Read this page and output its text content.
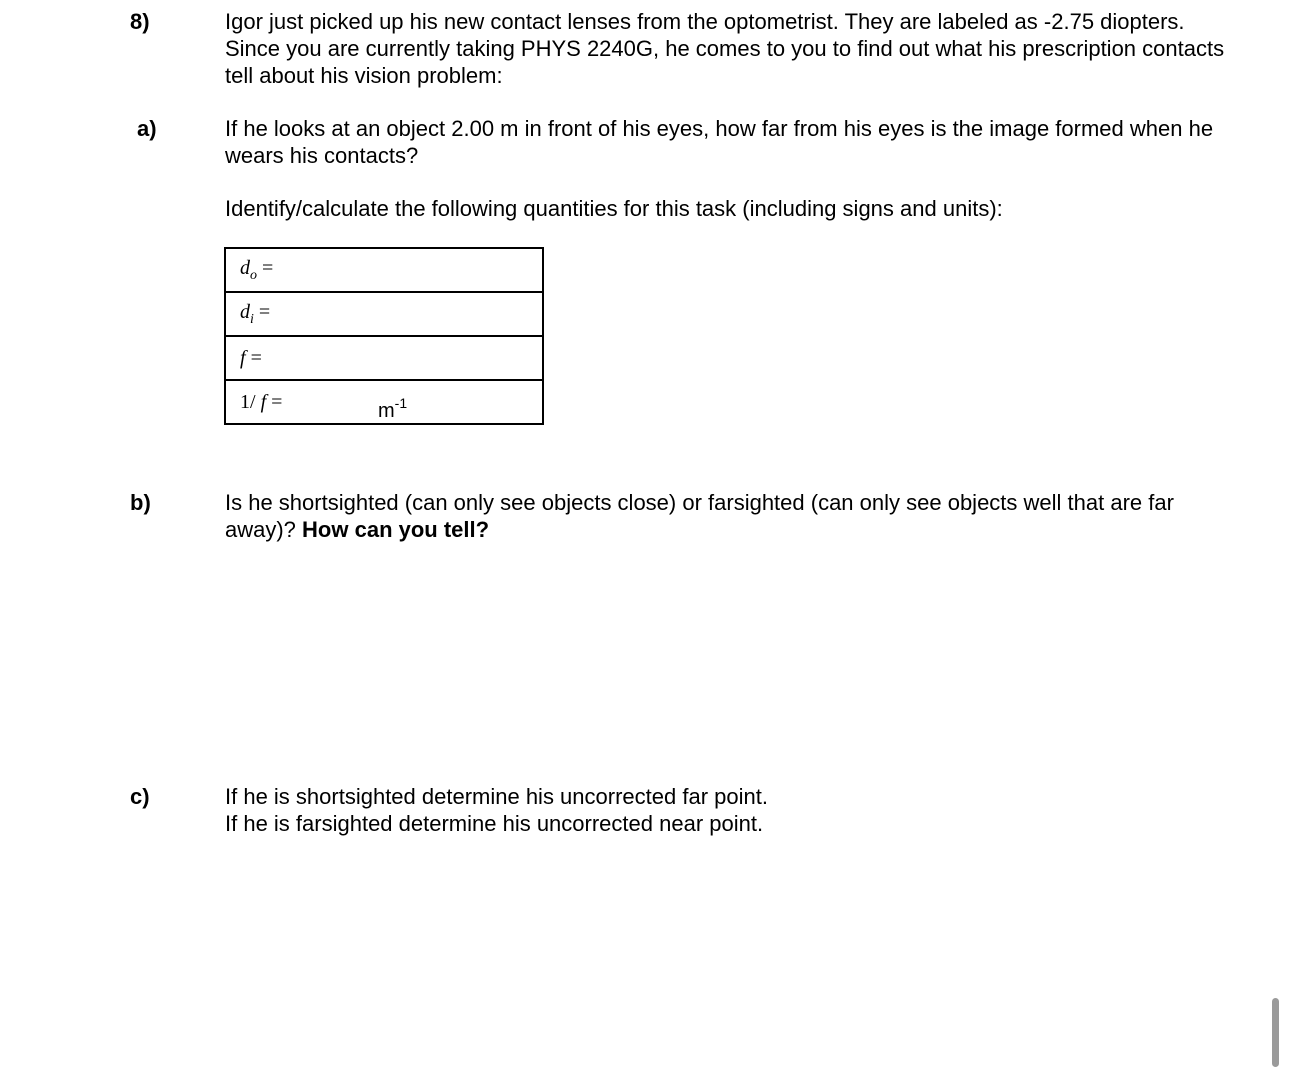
8)	Igor just picked up his new contact lenses from the optometrist. They are labeled as -2.75 diopters. Since you are currently taking PHYS 2240G, he comes to you to find out what his prescription contacts tell about his vision problem:
a)	If he looks at an object 2.00 m in front of his eyes, how far from his eyes is the image formed when he wears his contacts?
Identify/calculate the following quantities for this task (including signs and units):
$d_o$ =
$d_i$ =
f =
1/ f =	$m^{-1}$
b)	Is he shortsighted (can only see objects close) or farsighted (can only see objects well that are far away)? How can you tell?
c)	If he is shortsighted determine his uncorrected far point.
If he is farsighted determine his uncorrected near point.
